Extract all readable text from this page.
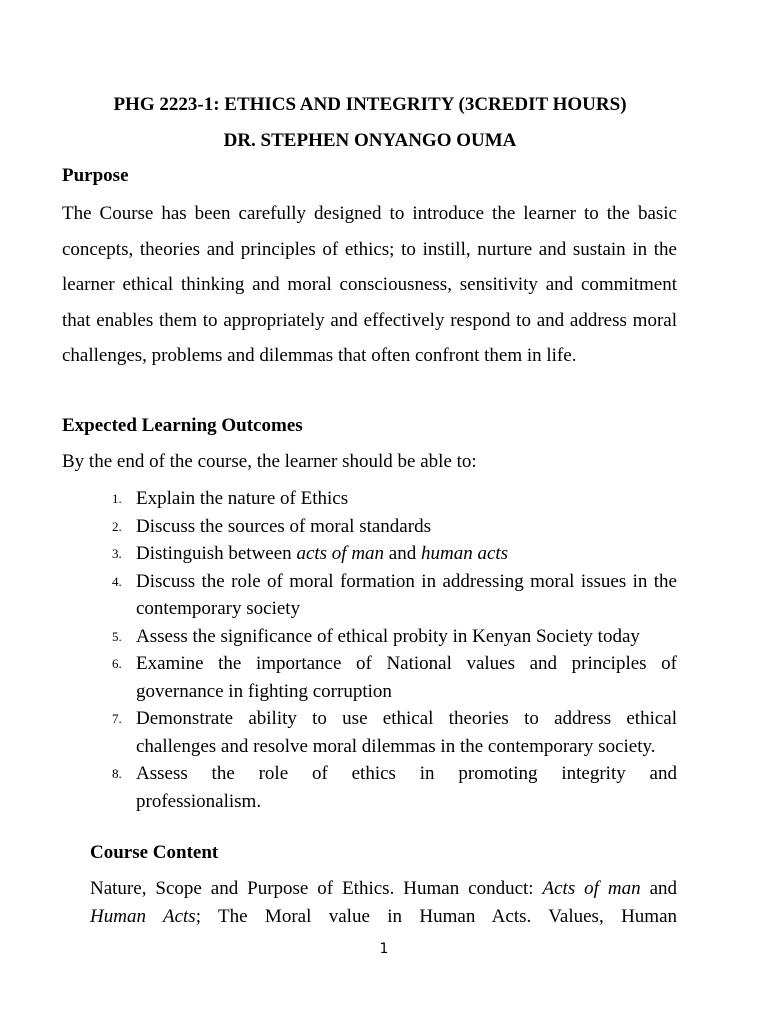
PHG 2223-1: ETHICS AND INTEGRITY (3CREDIT HOURS)
DR. STEPHEN ONYANGO OUMA
Purpose

The Course has been carefully designed to introduce the learner to the basic concepts, theories and principles of ethics; to instill, nurture and sustain in the learner ethical thinking and moral consciousness, sensitivity and commitment that enables them to appropriately and effectively respond to and address moral challenges, problems and dilemmas that often confront them in life.

Expected Learning Outcomes
By the end of the course, the learner should be able to:
1. Explain the nature of Ethics
2. Discuss the sources of moral standards
3. Distinguish between acts of man and human acts
4. Discuss the role of moral formation in addressing moral issues in the contemporary society
5. Assess the significance of ethical probity in Kenyan Society today
6. Examine the importance of National values and principles of governance in fighting corruption
7. Demonstrate ability to use ethical theories to address ethical challenges and resolve moral dilemmas in the contemporary society.
8. Assess the role of ethics in promoting integrity and
professionalism.
Course Content

Nature, Scope and Purpose of Ethics. Human conduct: Acts of man and Human Acts; The Moral value in Human Acts. Values, Human

1
